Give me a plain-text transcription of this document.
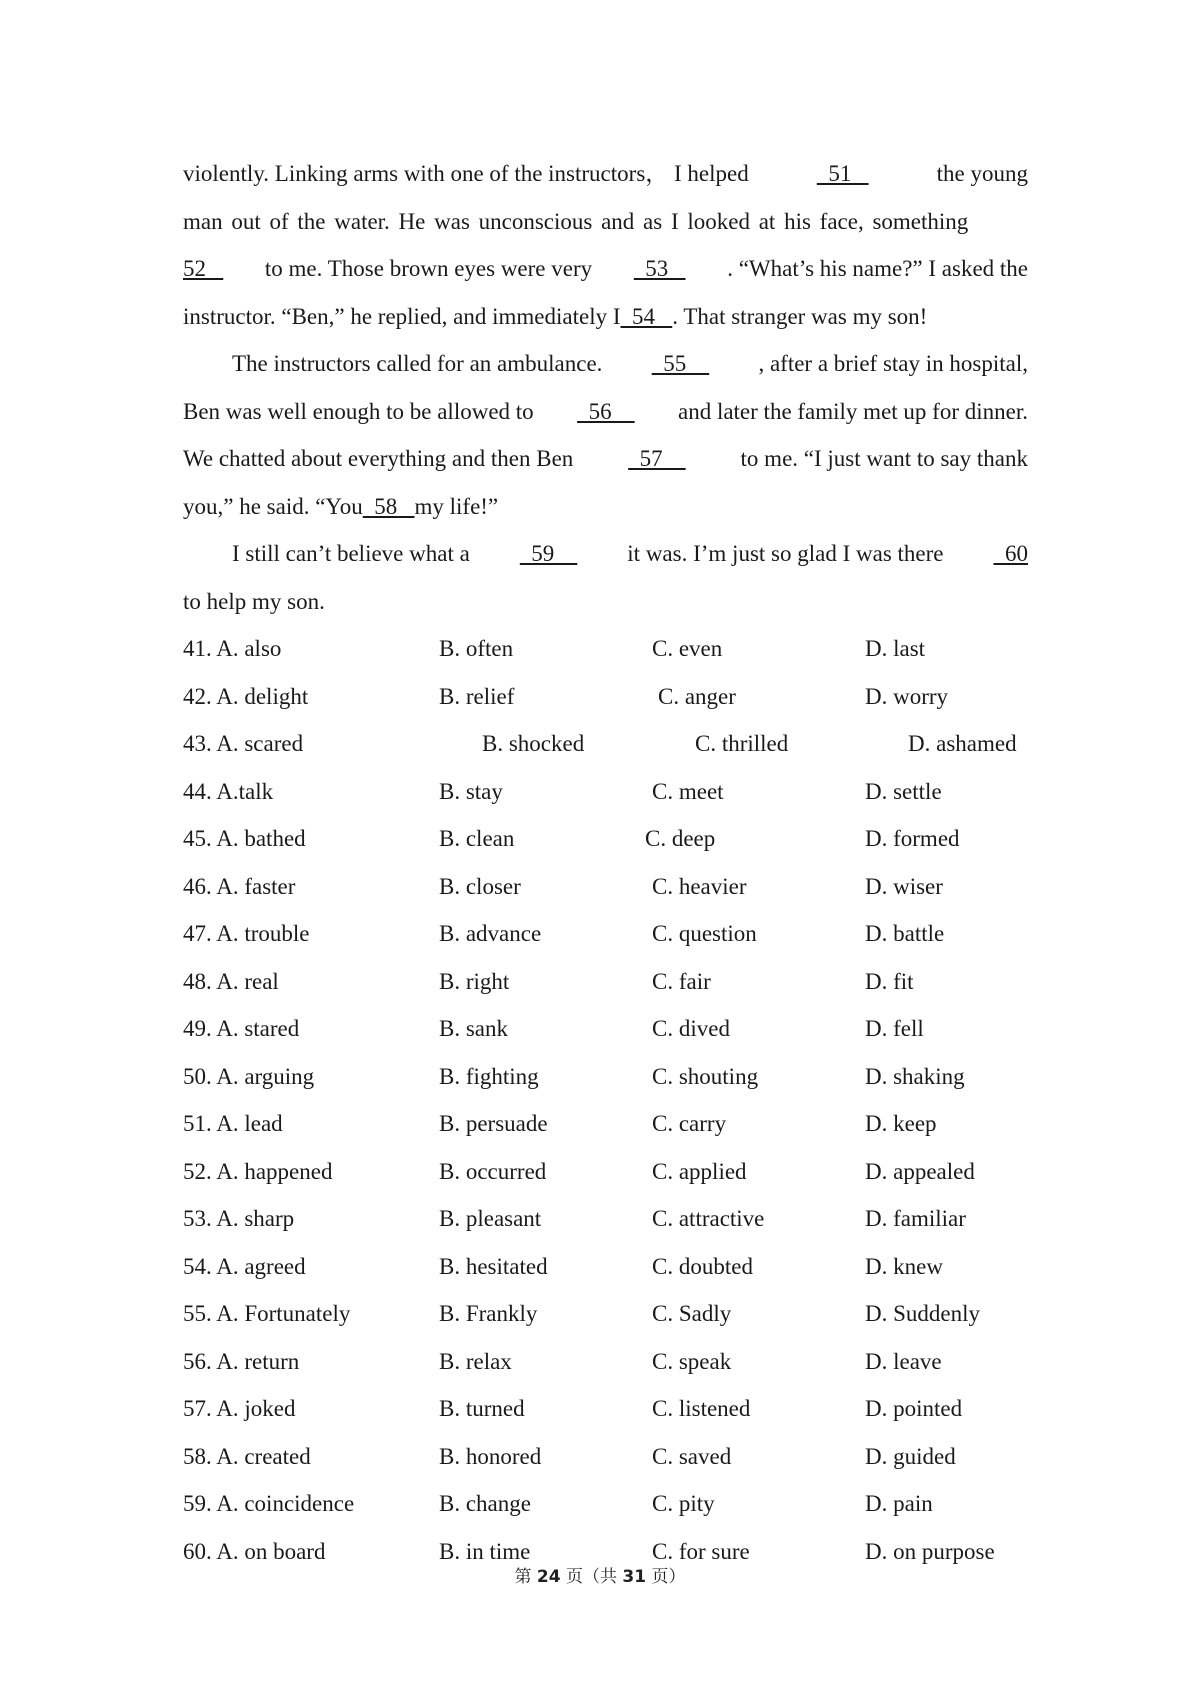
violently. Linking arms with one of the instructors， I helped	51	the young
man out of the water. He was unconscious and as I looked at his face, something
52 to me. Those brown eyes were very 53 . “What’s his name?” I asked the
instructor. “Ben,” he replied, and immediately I 54 . That stranger was my son!
The instructors called for an ambulance. 55 , after a brief stay in hospital,
Ben was well enough to be allowed to 56 and later the family met up for dinner.
We chatted about everything and then Ben 57 to me. “I just want to say thank
you,” he said. “You 58 my life!”
I still can’t believe what a 59 it was. I’m just so glad I was there 60
to help my son.
41. A. also	B. often	C. even	D. last
42. A. delight	B. relief	C. anger	D. worry
43. A. scared	B. shocked	C. thrilled	D. ashamed
44. A.talk	B. stay	C. meet	D. settle
45. A. bathed	B. clean	C. deep	D. formed
46. A. faster	B. closer	C. heavier	D. wiser
47. A. trouble	B. advance	C. question	D. battle
48. A. real	B. right	C. fair	D. fit
49. A. stared	B. sank	C. dived	D. fell
50. A. arguing	B. fighting	C. shouting	D. shaking
51. A. lead	B. persuade	C. carry	D. keep
52. A. happened	B. occurred	C. applied	D. appealed
53. A. sharp	B. pleasant	C. attractive	D. familiar
54. A. agreed	B. hesitated	C. doubted	D. knew
55. A. Fortunately	B. Frankly	C. Sadly	D. Suddenly
56. A. return	B. relax	C. speak	D. leave
57. A. joked	B. turned	C. listened	D. pointed
58. A. created	B. honored	C. saved	D. guided
59. A. coincidence	B. change	C. pity	D. pain
60. A. on board	B. in time	C. for sure	D. on purpose
第 24 页（共 31 页）
